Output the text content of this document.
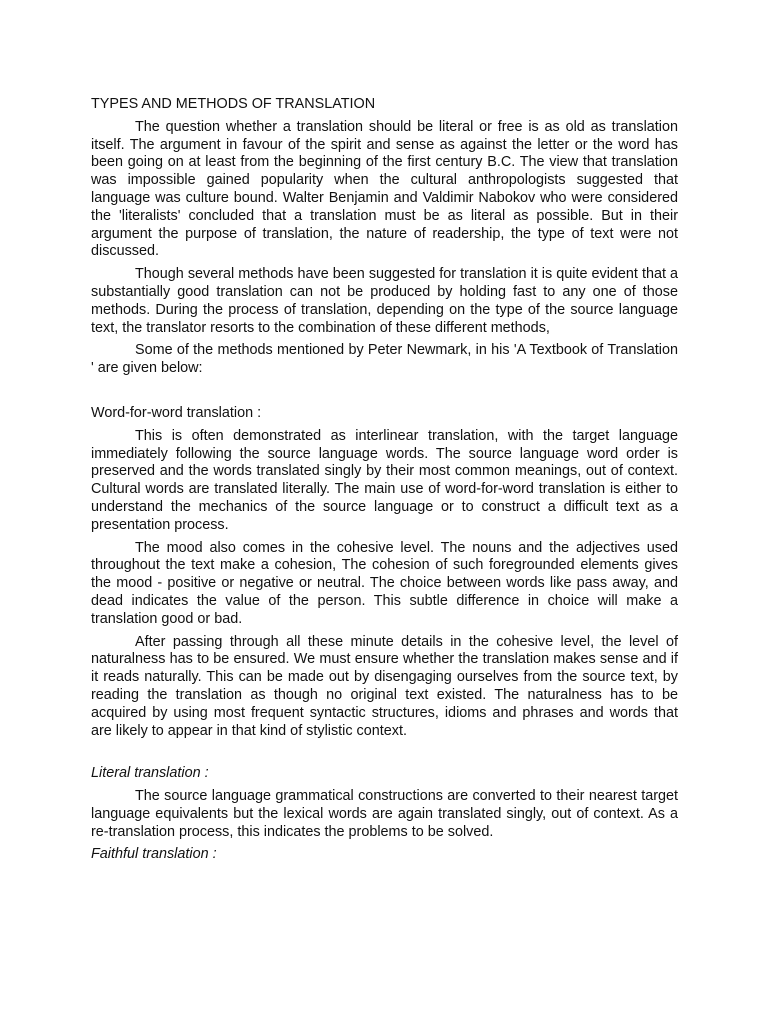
TYPES AND METHODS OF TRANSLATION

The question whether a translation should be literal or free is as old as translation itself. The argument in favour of the spirit and sense as against the letter or the word has been going on at least from the beginning of the first century B.C. The view that translation was impossible gained popularity when the cultural anthropologists suggested that language was culture bound. Walter Benjamin and Valdimir Nabokov who were considered the 'literalists' concluded that a translation must be as literal as possible. But in their argument the purpose of translation, the nature of readership, the type of text were not discussed.

Though several methods have been suggested for translation it is quite evident that a substantially good translation can not be produced by holding fast to any one of those methods. During the process of translation, depending on the type of the source language text, the translator resorts to the combination of these different methods,

Some of the methods mentioned by Peter Newmark, in his 'A Textbook of Translation ' are given below:

Word-for-word translation :

This is often demonstrated as interlinear translation, with the target language immediately following the source language words. The source language word order is preserved and the words translated singly by their most common meanings, out of context. Cultural words are translated literally. The main use of word-for-word translation is either to understand the mechanics of the source language or to construct a difficult text as a presentation process.

The mood also comes in the cohesive level. The nouns and the adjectives used throughout the text make a cohesion, The cohesion of such foregrounded elements gives the mood - positive or negative or neutral. The choice between words like pass away, and dead indicates the value of the person. This subtle difference in choice will make a translation good or bad.

After passing through all these minute details in the cohesive level, the level of naturalness has to be ensured. We must ensure whether the translation makes sense and if it reads naturally. This can be made out by disengaging ourselves from the source text, by reading the translation as though no original text existed. The naturalness has to be acquired by using most frequent syntactic structures, idioms and phrases and words that are likely to appear in that kind of stylistic context.

Literal translation :

The source language grammatical constructions are converted to their nearest target language equivalents but the lexical words are again translated singly, out of context. As a re-translation process, this indicates the problems to be solved.

Faithful translation :
